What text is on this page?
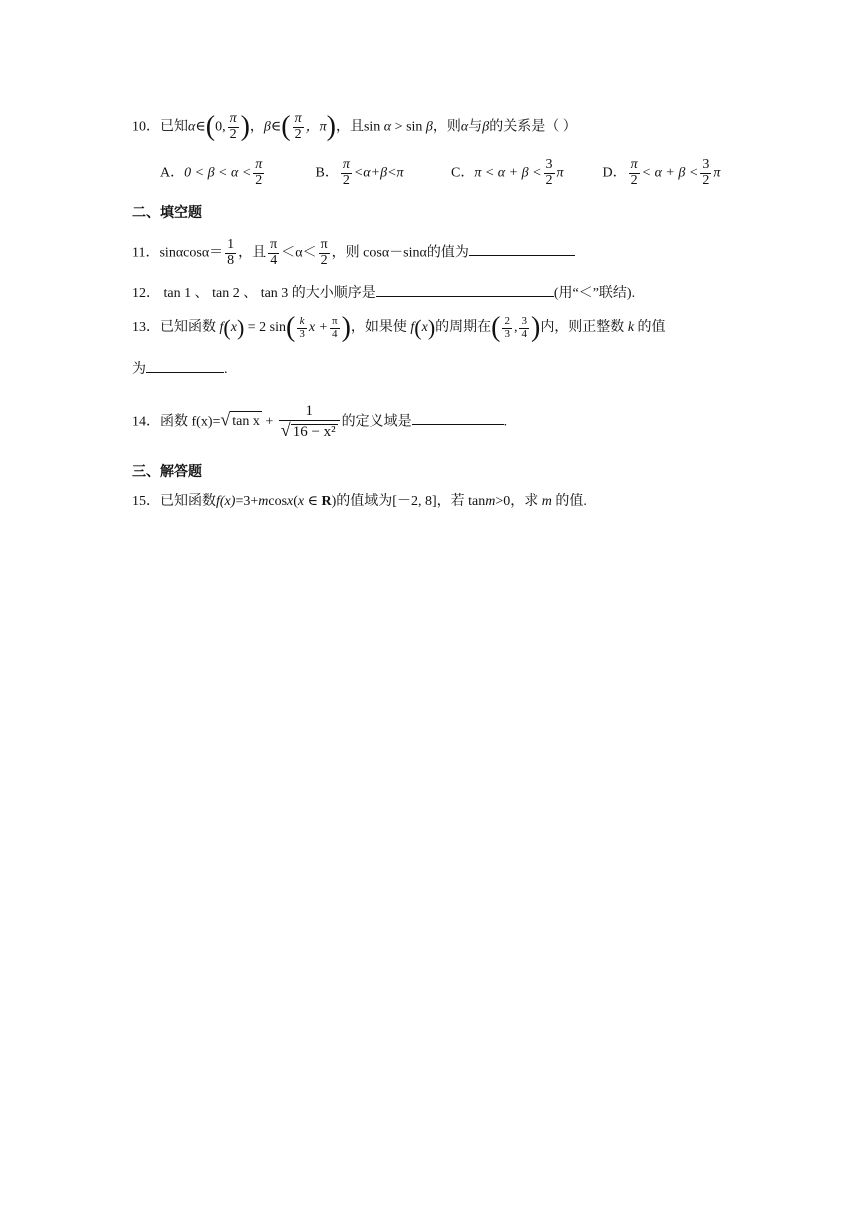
10．已知α∈(0, $\frac{\pi}{2}$ )，β∈( $\frac{\pi}{2}$ ，π)，且sin α > sin β，则α与β的关系是（ ）
A．$0 < \beta < \alpha < \frac{\pi}{2}$	B． $\frac{\pi}{2} <\alpha+\beta<\pi$	C．$\pi < \alpha + \beta < \frac{3}{2}$ π	D． $\frac{\pi}{2} < \alpha + \beta < \frac{3}{2}$ π
二、填空题
11．$\sin\alpha\cos\alpha= \frac{1}{8}$ ，且 $\frac{\pi}{4} <\alpha< \frac{\pi}{2}$ ，则 cosα－sinα的值为
12． tan 1 、 tan 2 、 tan 3 的大小顺序是	(用“＜”联结).
13．已知函数 f(x) = 2 $\sin( \frac{k}{3}$ $x + \frac{\pi}{4}$ )，如果使 f(x)的周期在( $\frac{2}{3}$ , $\frac{3}{4}$ )内，则正整数 k 的值
为	.
14．函数 f(x)=√ $\tan x + \frac{1}{\text{√ 16 − x²}}$ 的定义域是	.
三、解答题
15．已知函数f(x)=3+mcosx(x ∈ R)的值域为[－2, 8]，若 tanm>0，求 m 的值.
